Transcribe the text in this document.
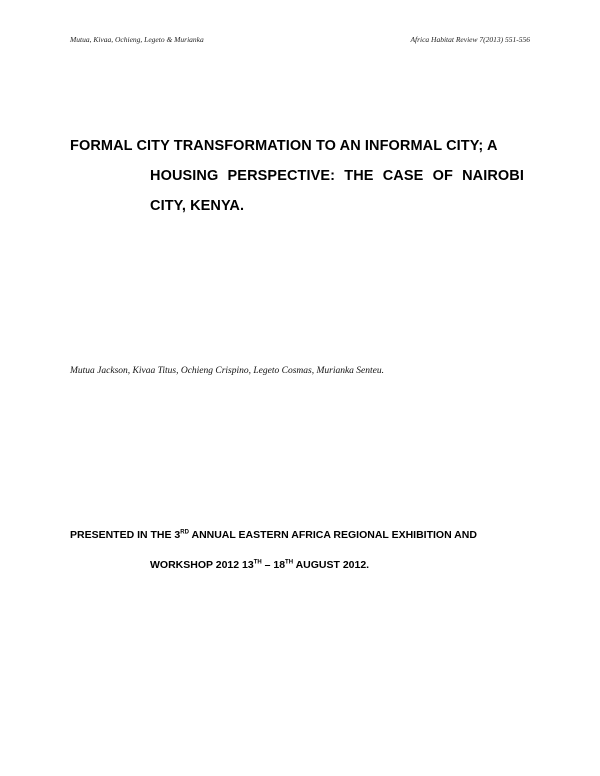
Mutua, Kivaa, Ochieng, Legeto & Murianka	Africa Habitat Review 7(2013) 551-556
FORMAL CITY TRANSFORMATION TO AN INFORMAL CITY; A
HOUSING PERSPECTIVE: THE CASE OF NAIROBI
CITY, KENYA.
Mutua Jackson, Kivaa Titus, Ochieng Crispino, Legeto Cosmas, Murianka Senteu.
PRESENTED IN THE 3RD ANNUAL EASTERN AFRICA REGIONAL EXHIBITION AND
WORKSHOP 2012 13TH – 18TH AUGUST 2012.
